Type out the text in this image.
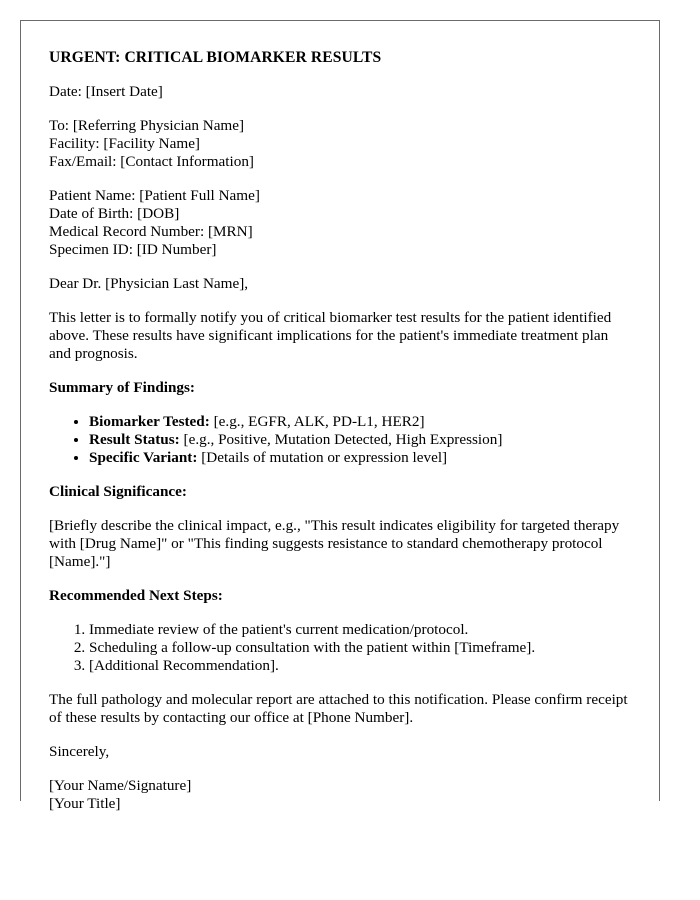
URGENT: CRITICAL BIOMARKER RESULTS

Date: [Insert Date]

To: [Referring Physician Name]
Facility: [Facility Name]
Fax/Email: [Contact Information]

Patient Name: [Patient Full Name]
Date of Birth: [DOB]
Medical Record Number: [MRN]
Specimen ID: [ID Number]

Dear Dr. [Physician Last Name],

This letter is to formally notify you of critical biomarker test results for the patient identified above. These results have significant implications for the patient's immediate treatment plan and prognosis.

Summary of Findings:
• Biomarker Tested: [e.g., EGFR, ALK, PD-L1, HER2]
• Result Status: [e.g., Positive, Mutation Detected, High Expression]
• Specific Variant: [Details of mutation or expression level]
Clinical Significance:

[Briefly describe the clinical impact, e.g., "This result indicates eligibility for targeted therapy with [Drug Name]" or "This finding suggests resistance to standard chemotherapy protocol [Name]."]

Recommended Next Steps:
1. Immediate review of the patient's current medication/protocol.
2. Scheduling a follow-up consultation with the patient within [Timeframe].
3. [Additional Recommendation].

The full pathology and molecular report are attached to this notification. Please confirm receipt of these results by contacting our office at [Phone Number].

Sincerely,

[Your Name/Signature]
[Your Title]
